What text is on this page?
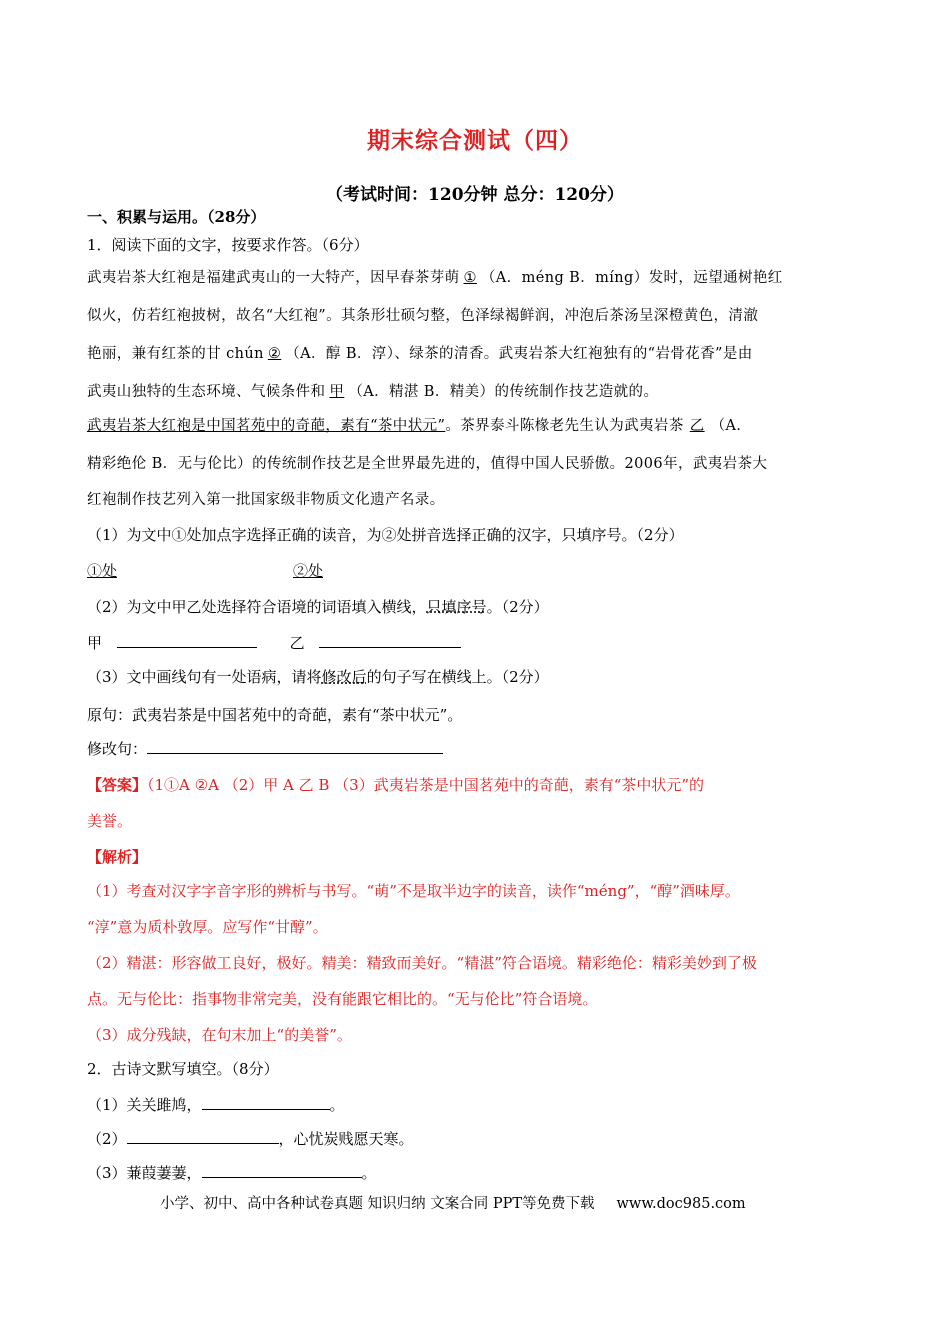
期末综合测试（四）
（考试时间：120分钟 总分：120分）
一、积累与运用。（28分）
1．阅读下面的文字，按要求作答。（6分）
武夷岩茶大红袍是福建武夷山的一大特产，因早春茶芽萌 ① （A．méng B．míng）发时，远望通树艳红
似火，仿若红袍披树，故名“大红袍”。其条形壮硕匀整，色泽绿褐鲜润，冲泡后茶汤呈深橙黄色，清澈
艳丽，兼有红茶的甘 chún ② （A．醇 B．淳）、绿茶的清香。武夷岩茶大红袍独有的“岩骨花香”是由
武夷山独特的生态环境、气候条件和 甲 （A．精湛 B．精美）的传统制作技艺造就的。
武夷岩茶大红袍是中国茗苑中的奇葩，素有“茶中状元”。茶界泰斗陈椽老先生认为武夷岩茶 乙 （A．
精彩绝伦 B．无与伦比）的传统制作技艺是全世界最先进的，值得中国人民骄傲。2006年，武夷岩茶大
红袍制作技艺列入第一批国家级非物质文化遗产名录。
（1）为文中①处加点字选择正确的读音，为②处拼音选择正确的汉字，只填序号。（2分）
①处	②处
（2）为文中甲乙处选择符合语境的词语填入横线，只填序号。（2分）
甲	乙
（3）文中画线句有一处语病，请将修改后的句子写在横线上。（2分）
原句：武夷岩茶是中国茗苑中的奇葩，素有“茶中状元”。
修改句：
【答案】（1①A ②A （2）甲 A 乙 B （3）武夷岩茶是中国茗苑中的奇葩，素有“茶中状元”的
美誉。
【解析】
（1）考查对汉字字音字形的辨析与书写。“萌”不是取半边字的读音，读作“méng”，“醇”酒味厚。
“淳”意为质朴敦厚。应写作“甘醇”。
（2）精湛：形容做工良好，极好。精美：精致而美好。“精湛”符合语境。精彩绝伦：精彩美妙到了极
点。无与伦比：指事物非常完美，没有能跟它相比的。“无与伦比”符合语境。
（3）成分残缺，在句末加上“的美誉”。
2．古诗文默写填空。（8分）
（1）关关雎鸠，	。
（2）	，心忧炭贱愿天寒。
（3）蒹葭萋萋，	。
小学、初中、高中各种试卷真题 知识归纳 文案合同 PPT等免费下载 www.doc985.com
